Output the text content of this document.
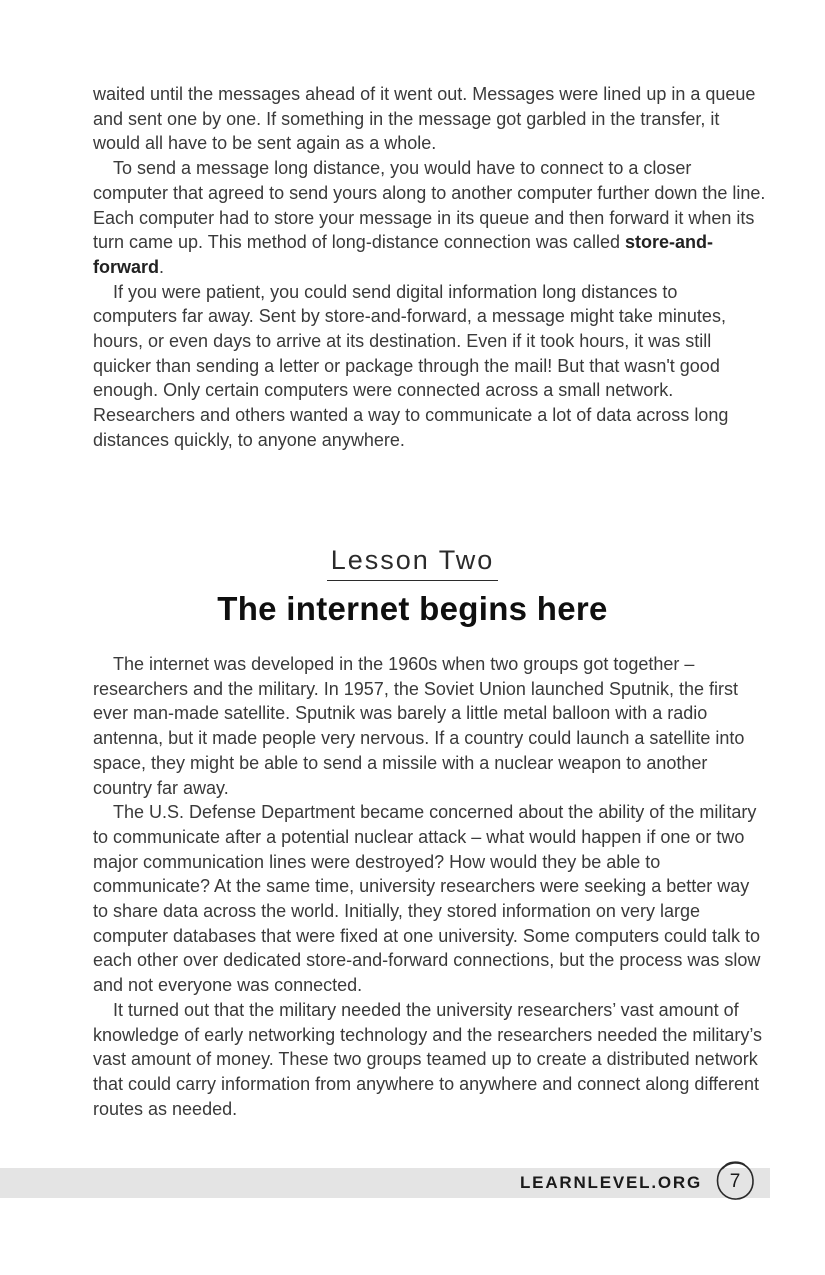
waited until the messages ahead of it went out. Messages were lined up in a queue and sent one by one. If something in the message got garbled in the transfer, it would all have to be sent again as a whole.

To send a message long distance, you would have to connect to a closer computer that agreed to send yours along to another computer further down the line. Each computer had to store your message in its queue and then forward it when its turn came up. This method of long-distance connection was called store-and-forward.

If you were patient, you could send digital information long distances to computers far away. Sent by store-and-forward, a message might take minutes, hours, or even days to arrive at its destination. Even if it took hours, it was still quicker than sending a letter or package through the mail! But that wasn't good enough. Only certain computers were connected across a small network. Researchers and others wanted a way to communicate a lot of data across long distances quickly, to anyone anywhere.

Lesson Two
The internet begins here

The internet was developed in the 1960s when two groups got together – researchers and the military. In 1957, the Soviet Union launched Sputnik, the first ever man-made satellite. Sputnik was barely a little metal balloon with a radio antenna, but it made people very nervous. If a country could launch a satellite into space, they might be able to send a missile with a nuclear weapon to another country far away.

The U.S. Defense Department became concerned about the ability of the military to communicate after a potential nuclear attack – what would happen if one or two major communication lines were destroyed? How would they be able to communicate? At the same time, university researchers were seeking a better way to share data across the world. Initially, they stored information on very large computer databases that were fixed at one university. Some computers could talk to each other over dedicated store-and-forward connections, but the process was slow and not everyone was connected.

It turned out that the military needed the university researchers’ vast amount of knowledge of early networking technology and the researchers needed the military’s vast amount of money. These two groups teamed up to create a distributed network that could carry information from anywhere to anywhere and connect along different routes as needed.

LEARNLEVEL.ORG	7
